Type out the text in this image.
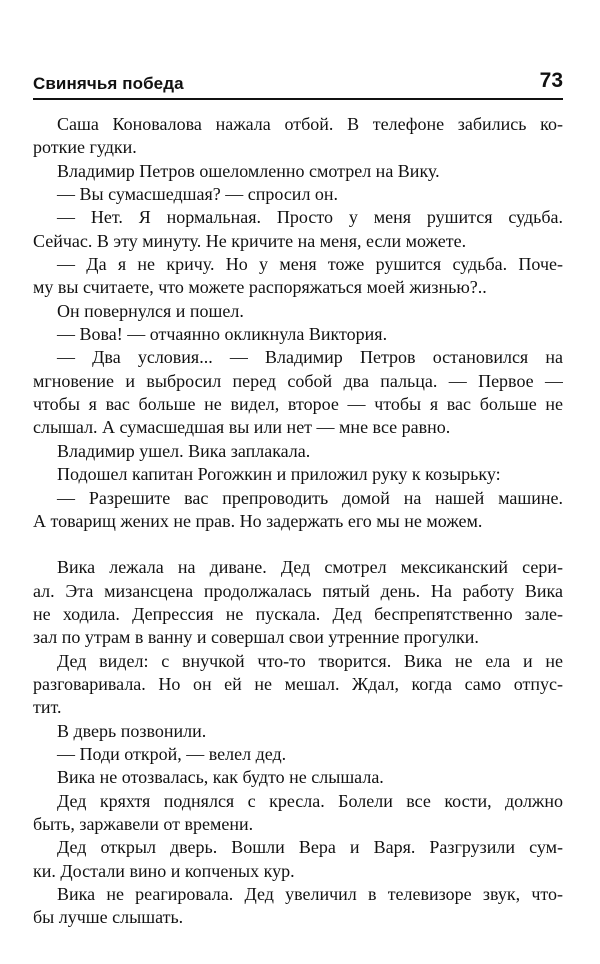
Свинячья победа	73
Саша Коновалова нажала отбой. В телефоне забились ко-
роткие гудки.
Владимир Петров ошеломленно смотрел на Вику.
— Вы сумасшедшая? — спросил он.
— Нет. Я нормальная. Просто у меня рушится судьба.
Сейчас. В эту минуту. Не кричите на меня, если можете.
— Да я не кричу. Но у меня тоже рушится судьба. Поче-
му вы считаете, что можете распоряжаться моей жизнью?..
Он повернулся и пошел.
— Вова! — отчаянно окликнула Виктория.
— Два условия... — Владимир Петров остановился на
мгновение и выбросил перед собой два пальца. — Первое —
чтобы я вас больше не видел, второе — чтобы я вас больше не
слышал. А сумасшедшая вы или нет — мне все равно.
Владимир ушел. Вика заплакала.
Подошел капитан Рогожкин и приложил руку к козырьку:
— Разрешите вас препроводить домой на нашей машине.
А товарищ жених не прав. Но задержать его мы не можем.
Вика лежала на диване. Дед смотрел мексиканский сери-
ал. Эта мизансцена продолжалась пятый день. На работу Вика
не ходила. Депрессия не пускала. Дед беспрепятственно зале-
зал по утрам в ванну и совершал свои утренние прогулки.
Дед видел: с внучкой что-то творится. Вика не ела и не
разговаривала. Но он ей не мешал. Ждал, когда само отпус-
тит.
В дверь позвонили.
— Поди открой, — велел дед.
Вика не отозвалась, как будто не слышала.
Дед кряхтя поднялся с кресла. Болели все кости, должно
быть, заржавели от времени.
Дед открыл дверь. Вошли Вера и Варя. Разгрузили сум-
ки. Достали вино и копченых кур.
Вика не реагировала. Дед увеличил в телевизоре звук, что-
бы лучше слышать.
